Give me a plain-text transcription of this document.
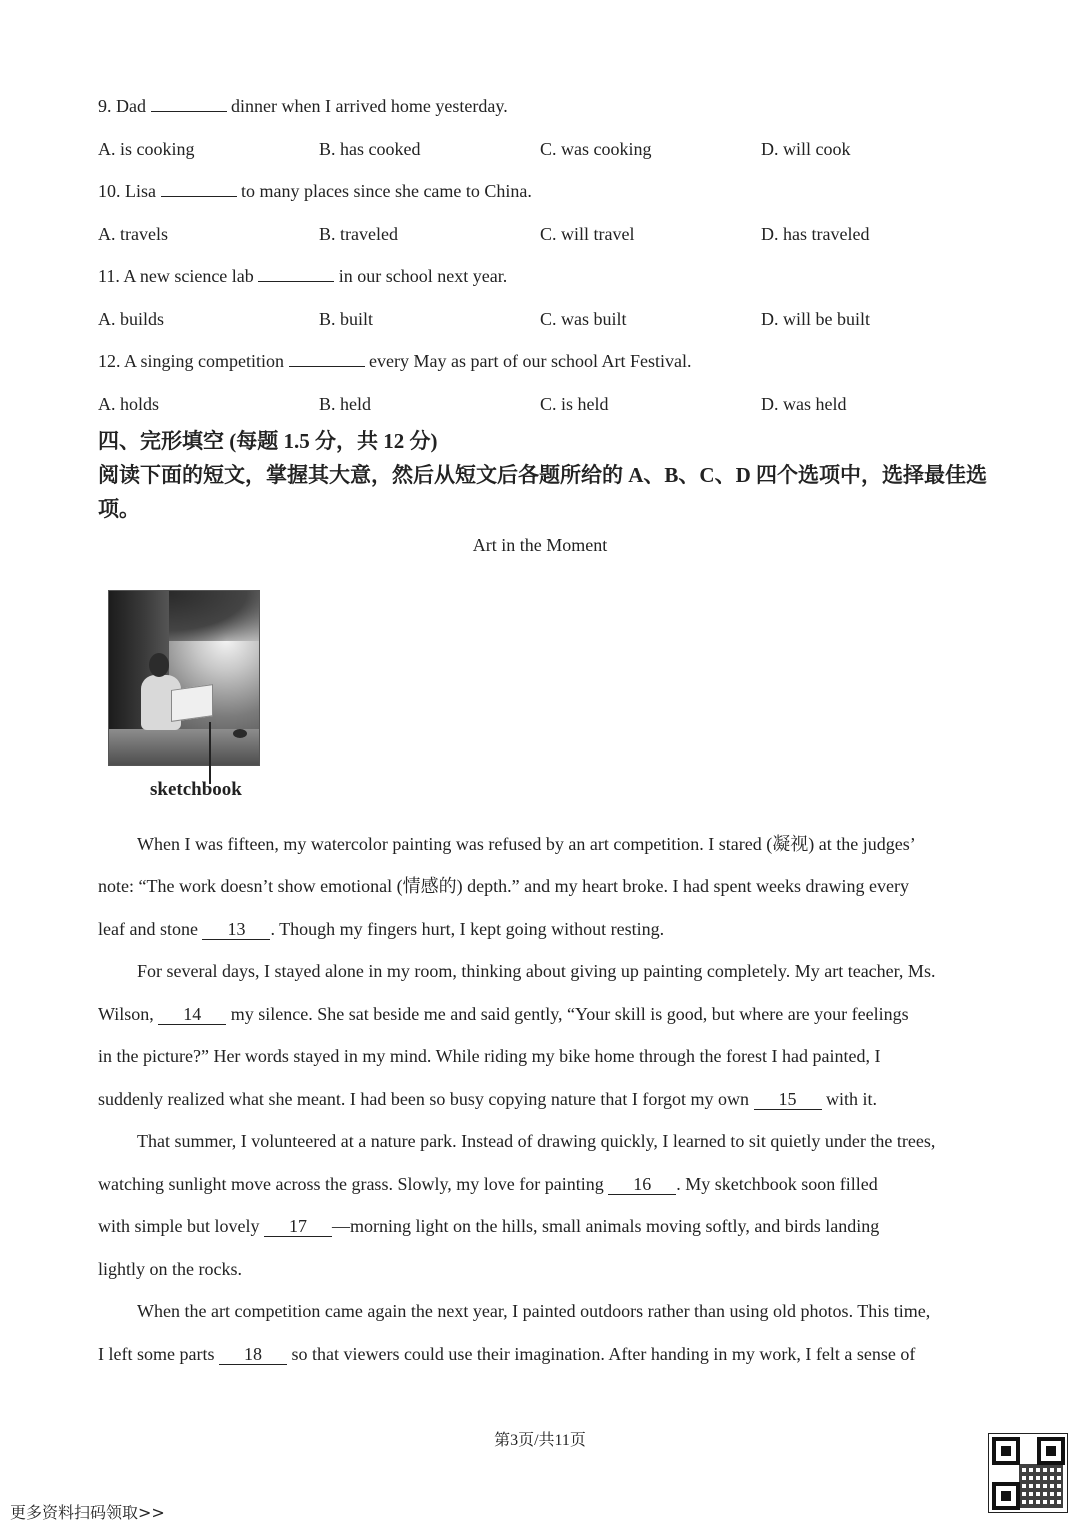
9. Dad	dinner when I arrived home yesterday.
A. is cooking	B. has cooked	C. was cooking	D. will cook
10. Lisa	to many places since she came to China.
A. travels	B. traveled	C. will travel	D. has traveled
11. A new science lab	in our school next year.
A. builds	B. built	C. was built	D. will be built
12. A singing competition	every May as part of our school Art Festival.
A. holds	B. held	C. is held	D. was held
四、完形填空 (每题 1.5 分，共 12 分)
阅读下面的短文，掌握其大意，然后从短文后各题所给的 A、B、C、D 四个选项中，选择最佳选项。
Art in the Moment
sketchbook
When I was fifteen, my watercolor painting was refused by an art competition. I stared (凝视) at the judges’
note: “The work doesn’t show emotional (情感的) depth.” and my heart broke. I had spent weeks drawing every
leaf and stone 13 . Though my fingers hurt, I kept going without resting.
For several days, I stayed alone in my room, thinking about giving up painting completely. My art teacher, Ms.
Wilson, 14 my silence. She sat beside me and said gently, “Your skill is good, but where are your feelings
in the picture?” Her words stayed in my mind. While riding my bike home through the forest I had painted, I
suddenly realized what she meant. I had been so busy copying nature that I forgot my own 15 with it.
That summer, I volunteered at a nature park. Instead of drawing quickly, I learned to sit quietly under the trees,
watching sunlight move across the grass. Slowly, my love for painting 16 . My sketchbook soon filled
with simple but lovely 17 —morning light on the hills, small animals moving softly, and birds landing
lightly on the rocks.
When the art competition came again the next year, I painted outdoors rather than using old photos. This time,
I left some parts 18 so that viewers could use their imagination. After handing in my work, I felt a sense of
第3页/共11页
更多资料扫码领取>>
